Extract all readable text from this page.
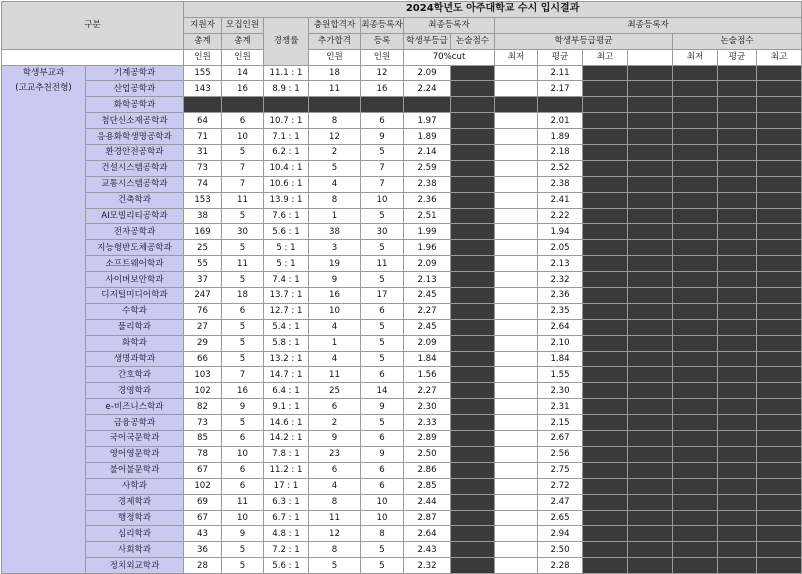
구분		2024학년도 아주대학교 수시 입시결과													
		지원자	모집인원	경쟁률	충원합격자	최종등록자	최종등록자		최종등록자						
		총계	총계		추가합격	등록	학생부등급	논술점수	학생부등급평균				논술점수		
		인원	인원		인원	인원	70%cut		최저	평균	최고		최저	평균	최고

학생부교과
(고교추천전형)	기계공학과	155	14	11.1 : 1	18	12	2.09			2.11					
	산업공학과	143	16	8.9 : 1	11	16	2.24			2.17					
	화학공학과														
	첨단신소재공학과	64	6	10.7 : 1	8	6	1.97			2.01					
	응용화학생명공학과	71	10	7.1 : 1	12	9	1.89			1.89					
	환경안전공학과	31	5	6.2 : 1	2	5	2.14			2.18					
	건설시스템공학과	73	7	10.4 : 1	5	7	2.59			2.52					
	교통시스템공학과	74	7	10.6 : 1	4	7	2.38			2.38					
	건축학과	153	11	13.9 : 1	8	10	2.36			2.41					
	AI모빌리티공학과	38	5	7.6 : 1	1	5	2.51			2.22					
	전자공학과	169	30	5.6 : 1	38	30	1.99			1.94					
	지능형반도체공학과	25	5	5 : 1	3	5	1.96			2.05					
	소프트웨어학과	55	11	5 : 1	19	11	2.09			2.13					
	사이버보안학과	37	5	7.4 : 1	9	5	2.13			2.32					
	디지털미디어학과	247	18	13.7 : 1	16	17	2.45			2.36					
	수학과	76	6	12.7 : 1	10	6	2.27			2.35					
	물리학과	27	5	5.4 : 1	4	5	2.45			2.64					
	화학과	29	5	5.8 : 1	1	5	2.09			2.10					
	생명과학과	66	5	13.2 : 1	4	5	1.84			1.84					
	간호학과	103	7	14.7 : 1	11	6	1.56			1.55					
	경영학과	102	16	6.4 : 1	25	14	2.27			2.30					
	e-비즈니스학과	82	9	9.1 : 1	6	9	2.30			2.31					
	금융공학과	73	5	14.6 : 1	2	5	2.33			2.15					
	국어국문학과	85	6	14.2 : 1	9	6	2.89			2.67					
	영어영문학과	78	10	7.8 : 1	23	9	2.50			2.56					
	불어불문학과	67	6	11.2 : 1	6	6	2.86			2.75					
	사학과	102	6	17 : 1	4	6	2.85			2.72					
	경제학과	69	11	6.3 : 1	8	10	2.44			2.47					
	행정학과	67	10	6.7 : 1	11	10	2.87			2.65					
	심리학과	43	9	4.8 : 1	12	8	2.64			2.94					
	사회학과	36	5	7.2 : 1	8	5	2.43			2.50					
	정치외교학과	28	5	5.6 : 1	5	5	2.32			2.28					
